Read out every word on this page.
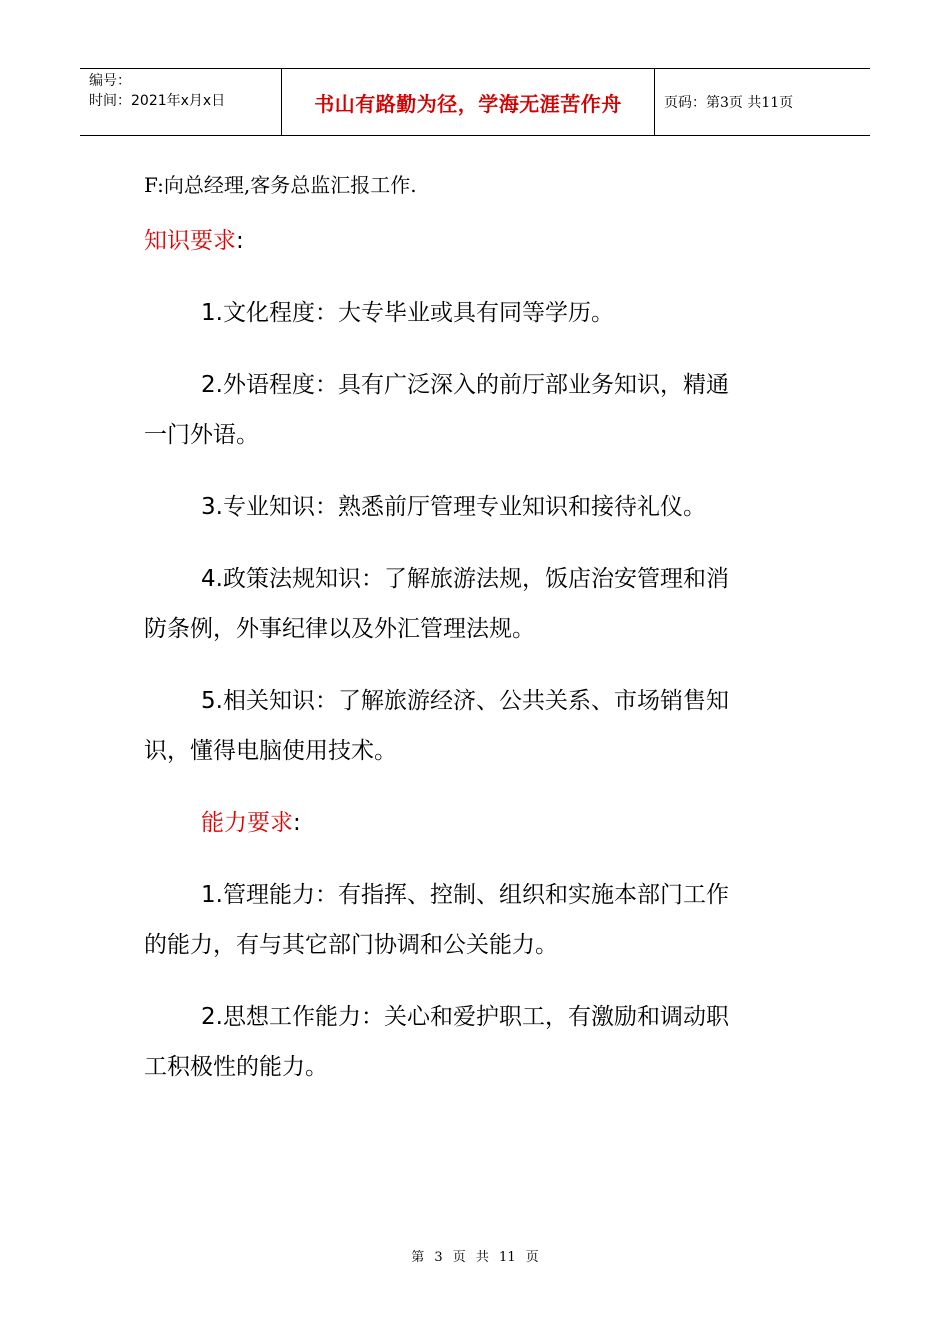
编号：
时间：2021年x月x日	书山有路勤为径，学海无涯苦作舟	页码：第3页 共11页
F:向总经理,客务总监汇报工作.
知识要求:
1.文化程度：大专毕业或具有同等学历。
2.外语程度：具有广泛深入的前厅部业务知识，精通
一门外语。
3.专业知识：熟悉前厅管理专业知识和接待礼仪。
4.政策法规知识：了解旅游法规，饭店治安管理和消
防条例，外事纪律以及外汇管理法规。
5.相关知识：了解旅游经济、公共关系、市场销售知
识，懂得电脑使用技术。
能力要求:
1.管理能力：有指挥、控制、组织和实施本部门工作
的能力，有与其它部门协调和公关能力。
2.思想工作能力：关心和爱护职工，有激励和调动职
工积极性的能力。
第 3 页 共 11 页
